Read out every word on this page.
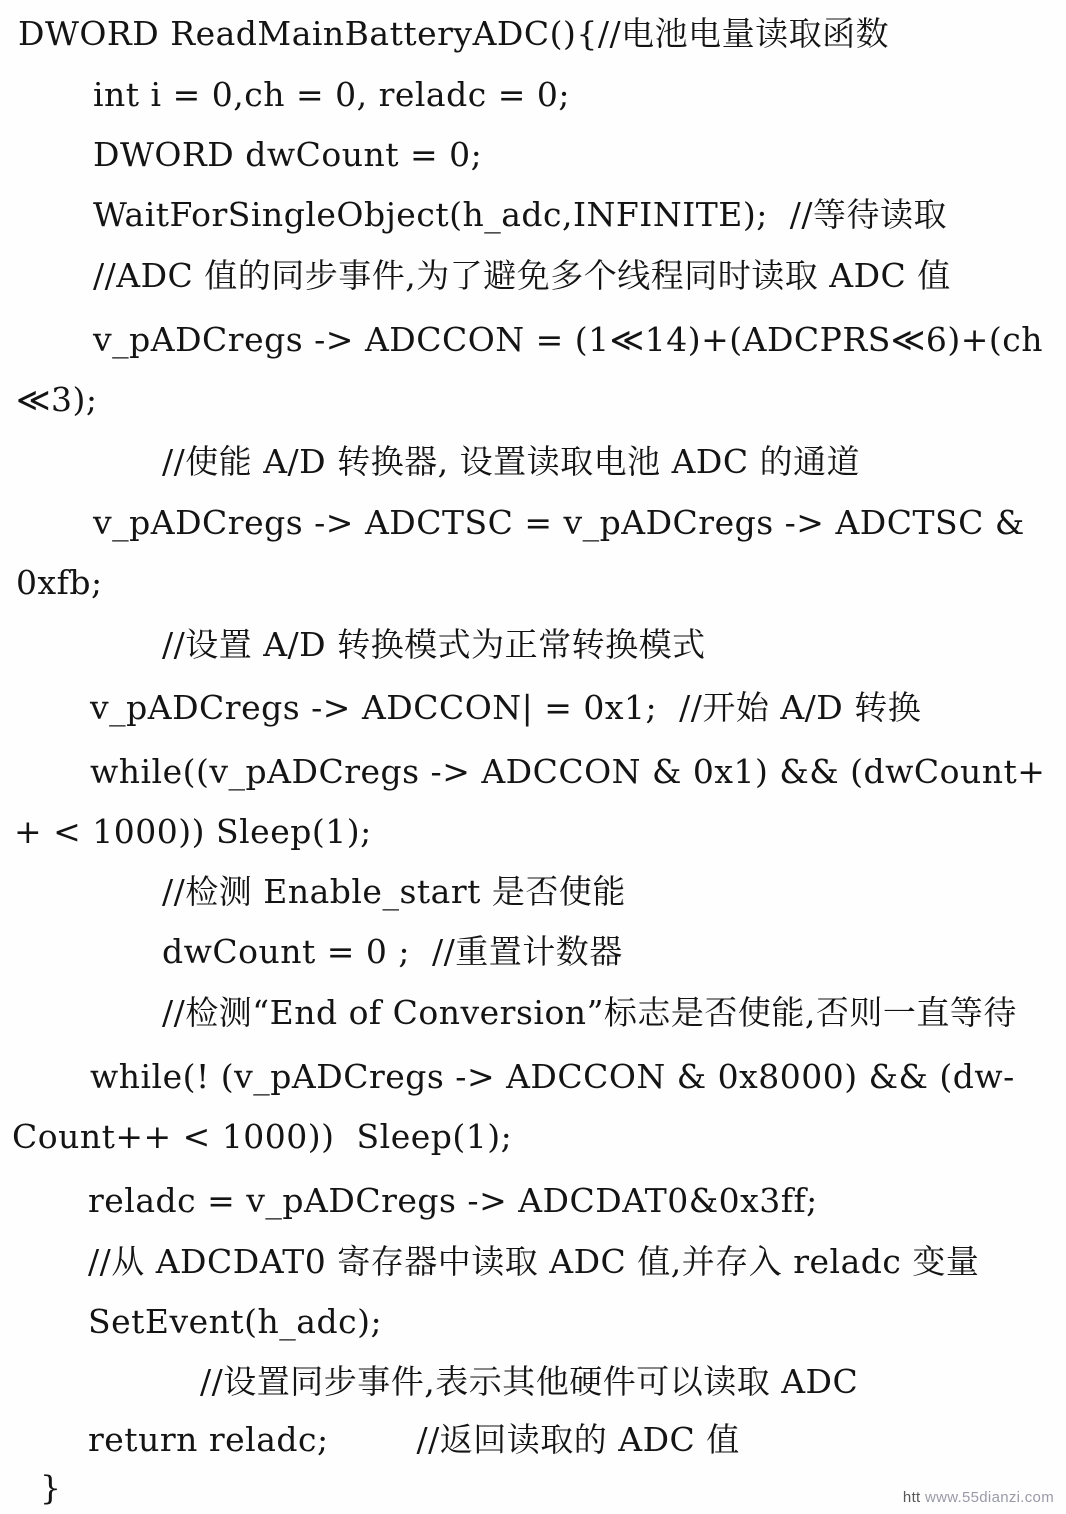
DWORD ReadMainBatteryADC(){//电池电量读取函数
int i = 0,ch = 0, reladc = 0;
DWORD dwCount = 0;
WaitForSingleObject(h_adc,INFINITE);  //等待读取
//ADC 值的同步事件,为了避免多个线程同时读取 ADC 值
v_pADCregs -> ADCCON = (1≪14)+(ADCPRS≪6)+(ch
≪3);
//使能 A/D 转换器, 设置读取电池 ADC 的通道
v_pADCregs -> ADCTSC = v_pADCregs -> ADCTSC &
0xfb;
//设置 A/D 转换模式为正常转换模式
v_pADCregs -> ADCCON| = 0x1;  //开始 A/D 转换
while((v_pADCregs -> ADCCON & 0x1) && (dwCount+
+ < 1000)) Sleep(1);
//检测 Enable_start 是否使能
dwCount = 0 ;  //重置计数器
//检测“End of Conversion”标志是否使能,否则一直等待
while(! (v_pADCregs -> ADCCON & 0x8000) && (dw-
Count++ < 1000))  Sleep(1);
reladc = v_pADCregs -> ADCDAT0&0x3ff;
//从 ADCDAT0 寄存器中读取 ADC 值,并存入 reladc 变量
SetEvent(h_adc);
//设置同步事件,表示其他硬件可以读取 ADC
return reladc;        //返回读取的 ADC 值
}	htt www.55dianzi.com
